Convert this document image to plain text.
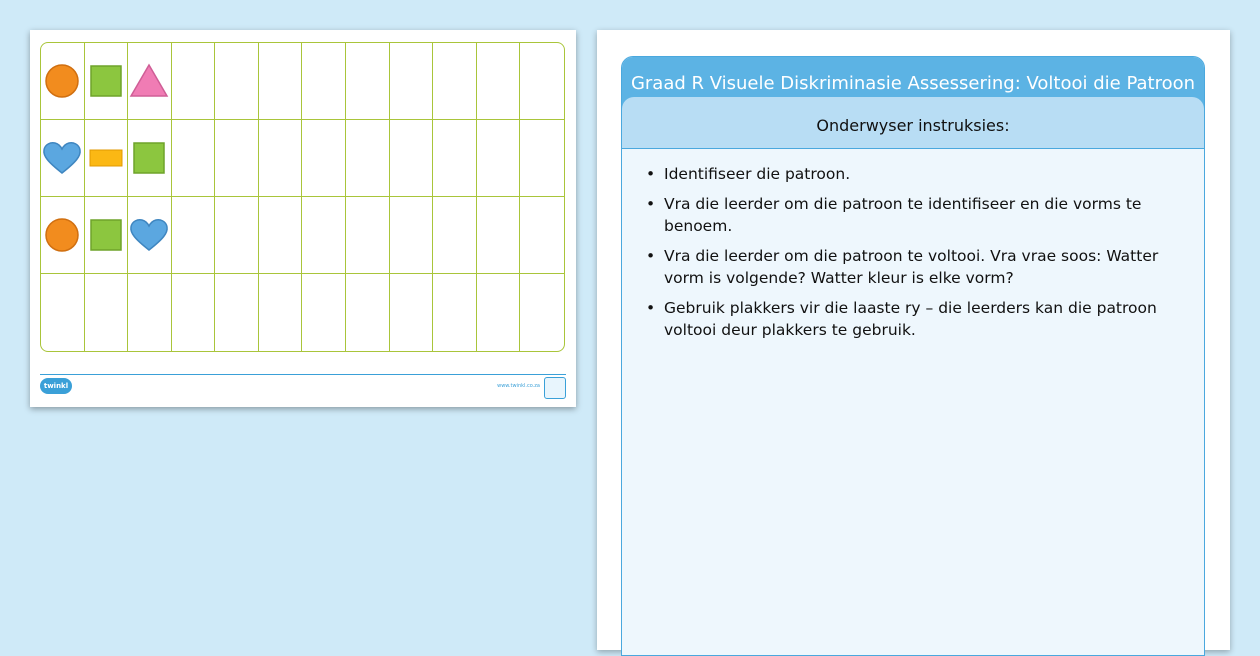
twinkl	www.twinkl.co.za
Graad R Visuele Diskriminasie Assessering: Voltooi die Patroon
Onderwyser instruksies:
• Identifiseer die patroon.
• Vra die leerder om die patroon te identifiseer en die vorms te benoem.
• Vra die leerder om die patroon te voltooi. Vra vrae soos: Watter vorm is volgende? Watter kleur is elke vorm?
• Gebruik plakkers vir die laaste ry – die leerders kan die patroon voltooi deur plakkers te gebruik.
